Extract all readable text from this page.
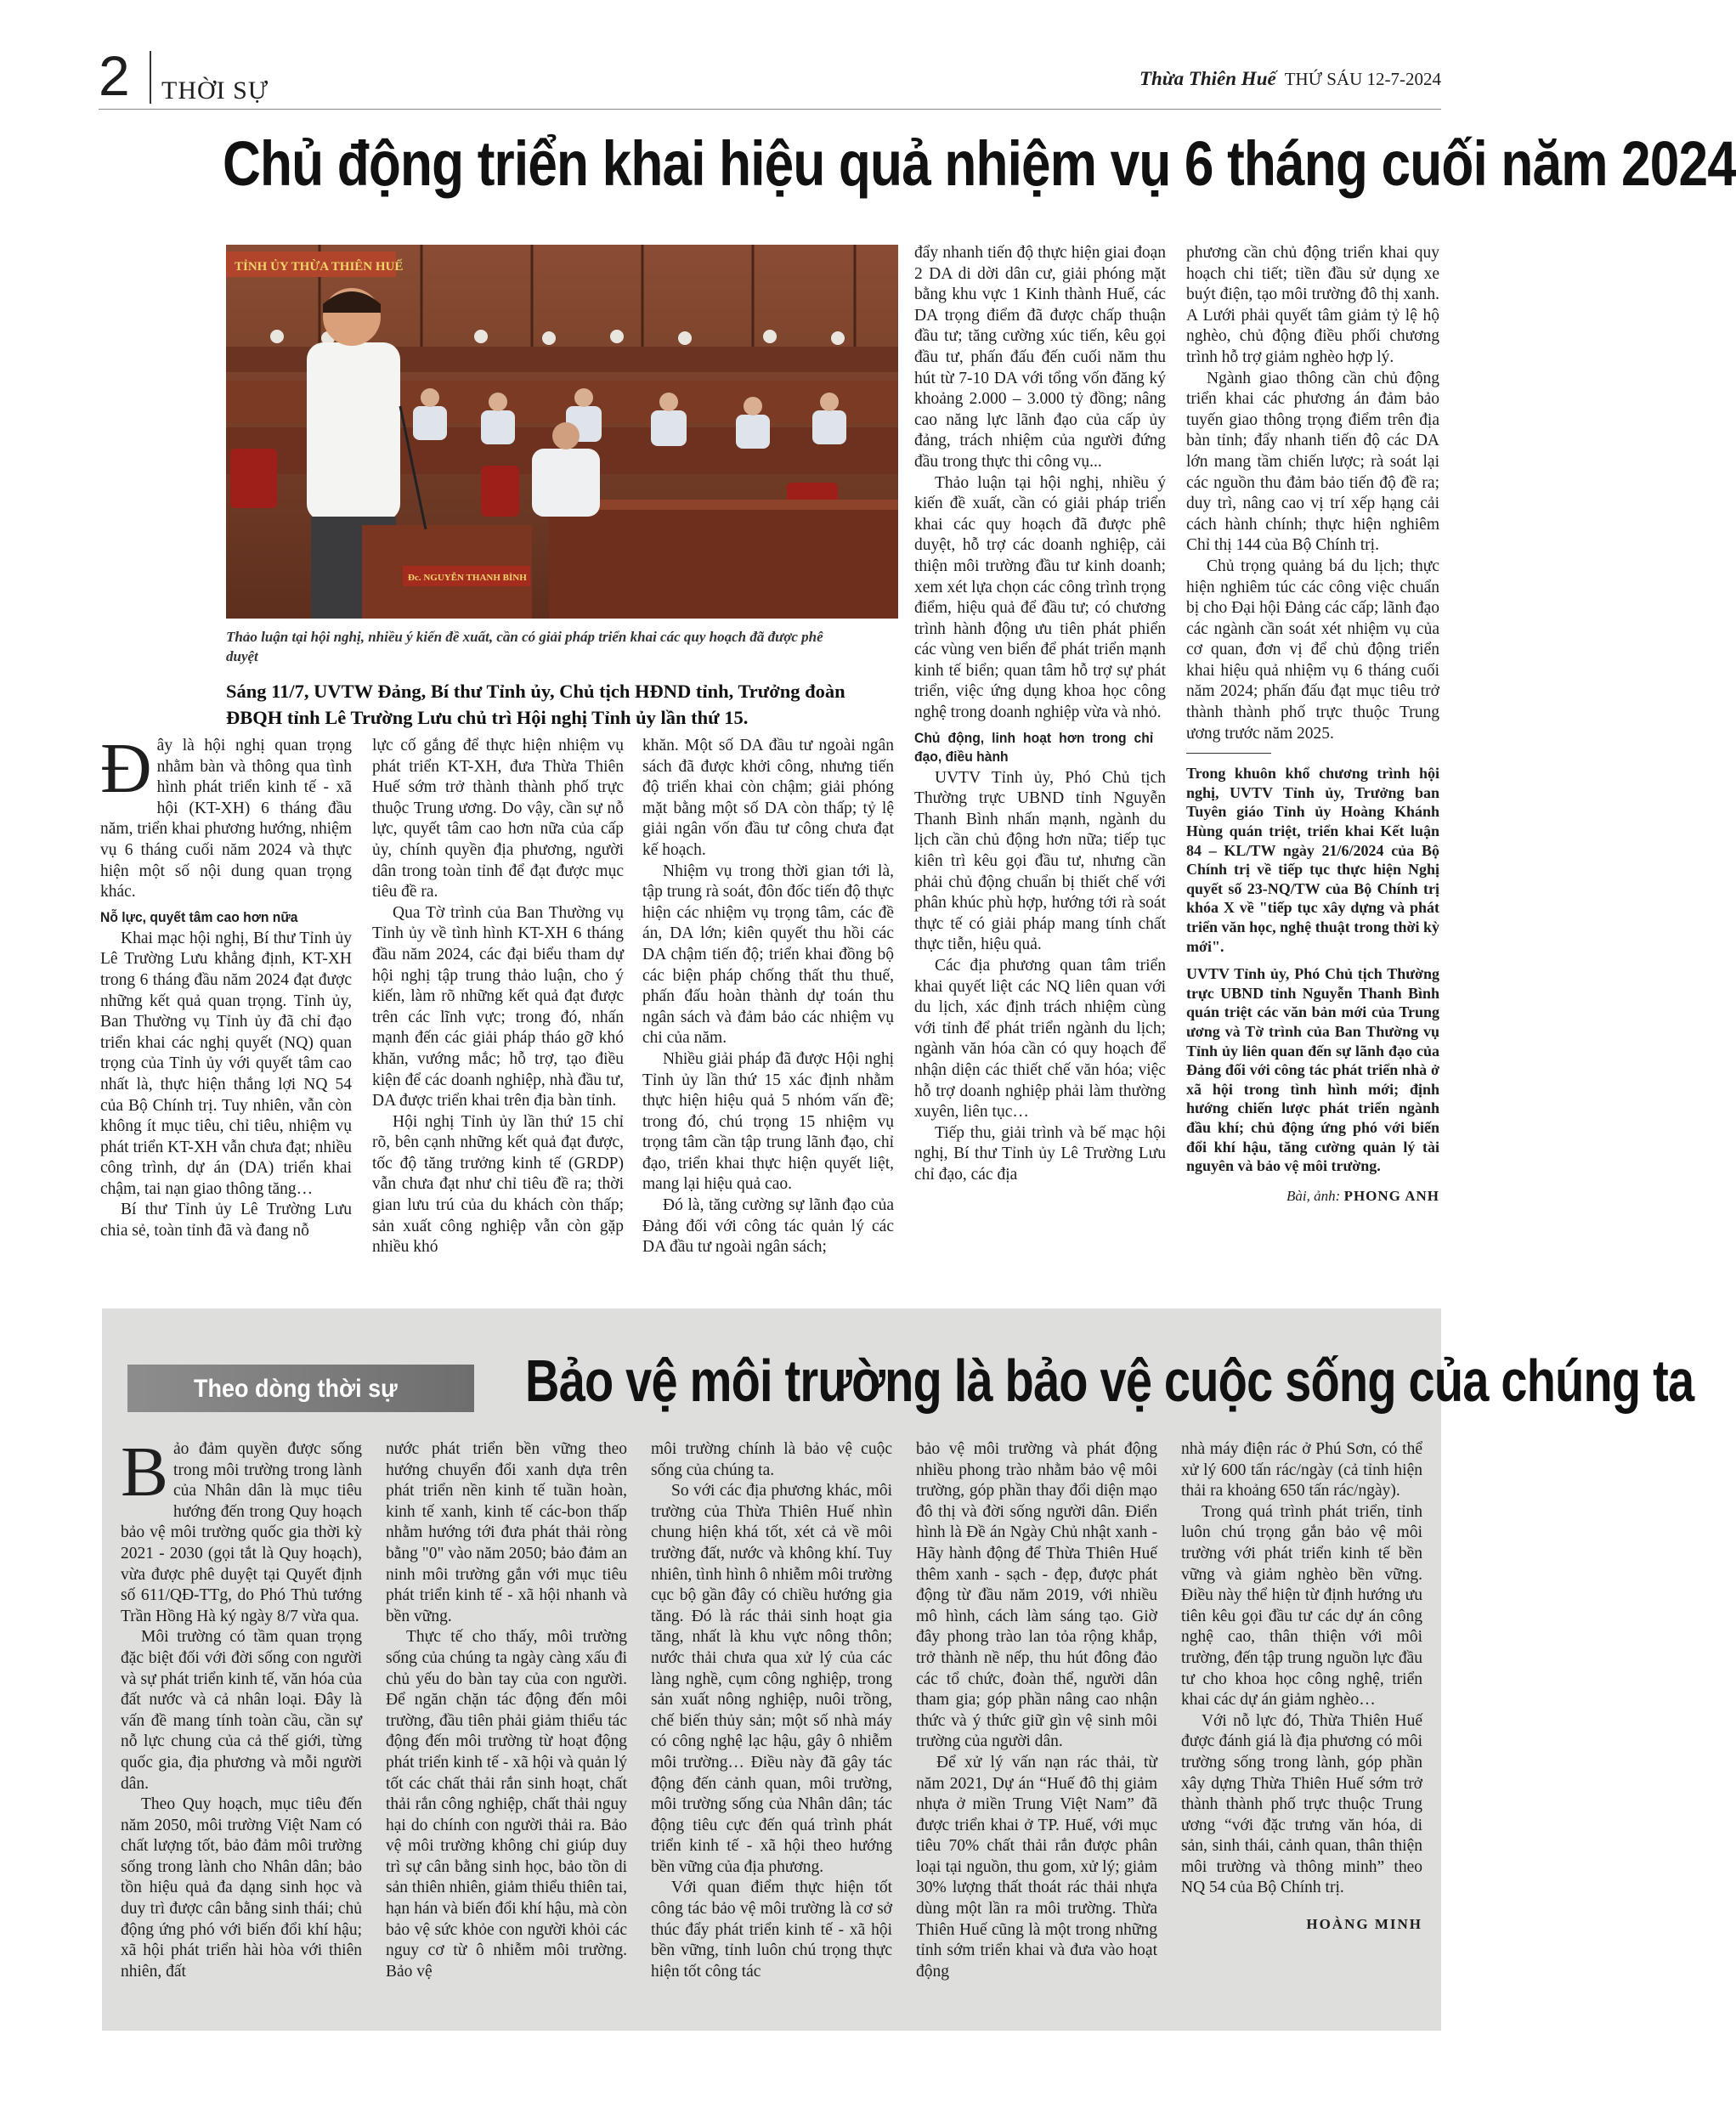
2 THỜI SỰ	Thừa Thiên Huế THỨ SÁU 12-7-2024
Chủ động triển khai hiệu quả nhiệm vụ 6 tháng cuối năm 2024
TỈNH ỦY THỪA THIÊN HUẾ
Đc. NGUYỄN THANH BÌNH
Thảo luận tại hội nghị, nhiều ý kiến đề xuất, cần có giải pháp triển khai các quy hoạch đã được phê duyệt
Sáng 11/7, UVTW Đảng, Bí thư Tỉnh ủy, Chủ tịch HĐND tỉnh, Trưởng đoàn ĐBQH tỉnh Lê Trường Lưu chủ trì Hội nghị Tỉnh ủy lần thứ 15.

Đây là hội nghị quan trọng nhằm bàn và thông qua tình hình phát triển kinh tế - xã hội (KT-XH) 6 tháng đầu năm, triển khai phương hướng, nhiệm vụ 6 tháng cuối năm 2024 và thực hiện một số nội dung quan trọng khác.

Nỗ lực, quyết tâm cao hơn nữa

Khai mạc hội nghị, Bí thư Tỉnh ủy Lê Trường Lưu khẳng định, KT-XH trong 6 tháng đầu năm 2024 đạt được những kết quả quan trọng. Tỉnh ủy, Ban Thường vụ Tỉnh ủy đã chỉ đạo triển khai các nghị quyết (NQ) quan trọng của Tỉnh ủy với quyết tâm cao nhất là, thực hiện thắng lợi NQ 54 của Bộ Chính trị. Tuy nhiên, vẫn còn không ít mục tiêu, chỉ tiêu, nhiệm vụ phát triển KT-XH vẫn chưa đạt; nhiều công trình, dự án (DA) triển khai chậm, tai nạn giao thông tăng…

Bí thư Tỉnh ủy Lê Trường Lưu chia sẻ, toàn tỉnh đã và đang nỗ

lực cố gắng để thực hiện nhiệm vụ phát triển KT-XH, đưa Thừa Thiên Huế sớm trở thành thành phố trực thuộc Trung ương. Do vậy, cần sự nỗ lực, quyết tâm cao hơn nữa của cấp ủy, chính quyền địa phương, người dân trong toàn tỉnh để đạt được mục tiêu đề ra.

Qua Tờ trình của Ban Thường vụ Tỉnh ủy về tình hình KT-XH 6 tháng đầu năm 2024, các đại biểu tham dự hội nghị tập trung thảo luận, cho ý kiến, làm rõ những kết quả đạt được trên các lĩnh vực; trong đó, nhấn mạnh đến các giải pháp tháo gỡ khó khăn, vướng mắc; hỗ trợ, tạo điều kiện để các doanh nghiệp, nhà đầu tư, DA được triển khai trên địa bàn tỉnh.

Hội nghị Tỉnh ủy lần thứ 15 chỉ rõ, bên cạnh những kết quả đạt được, tốc độ tăng trưởng kinh tế (GRDP) vẫn chưa đạt như chỉ tiêu đề ra; thời gian lưu trú của du khách còn thấp; sản xuất công nghiệp vẫn còn gặp nhiều khó

khăn. Một số DA đầu tư ngoài ngân sách đã được khởi công, nhưng tiến độ triển khai còn chậm; giải phóng mặt bằng một số DA còn thấp; tỷ lệ giải ngân vốn đầu tư công chưa đạt kế hoạch.

Nhiệm vụ trong thời gian tới là, tập trung rà soát, đôn đốc tiến độ thực hiện các nhiệm vụ trọng tâm, các đề án, DA lớn; kiên quyết thu hồi các DA chậm tiến độ; triển khai đồng bộ các biện pháp chống thất thu thuế, phấn đấu hoàn thành dự toán thu ngân sách và đảm bảo các nhiệm vụ chi của năm.

Nhiều giải pháp đã được Hội nghị Tỉnh ủy lần thứ 15 xác định nhằm thực hiện hiệu quả 5 nhóm vấn đề; trong đó, chú trọng 15 nhiệm vụ trọng tâm cần tập trung lãnh đạo, chỉ đạo, triển khai thực hiện quyết liệt, mang lại hiệu quả cao.

Đó là, tăng cường sự lãnh đạo của Đảng đối với công tác quản lý các DA đầu tư ngoài ngân sách;

đẩy nhanh tiến độ thực hiện giai đoạn 2 DA di dời dân cư, giải phóng mặt bằng khu vực 1 Kinh thành Huế, các DA trọng điểm đã được chấp thuận đầu tư; tăng cường xúc tiến, kêu gọi đầu tư, phấn đấu đến cuối năm thu hút từ 7-10 DA với tổng vốn đăng ký khoảng 2.000 – 3.000 tỷ đồng; nâng cao năng lực lãnh đạo của cấp ủy đảng, trách nhiệm của người đứng đầu trong thực thi công vụ...

Thảo luận tại hội nghị, nhiều ý kiến đề xuất, cần có giải pháp triển khai các quy hoạch đã được phê duyệt, hỗ trợ các doanh nghiệp, cải thiện môi trường đầu tư kinh doanh; xem xét lựa chọn các công trình trọng điểm, hiệu quả để đầu tư; có chương trình hành động ưu tiên phát phiển các vùng ven biển để phát triển mạnh kinh tế biển; quan tâm hỗ trợ sự phát triển, việc ứng dụng khoa học công nghệ trong doanh nghiệp vừa và nhỏ.

Chủ động, linh hoạt hơn trong chỉ đạo, điều hành

UVTV Tỉnh ủy, Phó Chủ tịch Thường trực UBND tỉnh Nguyễn Thanh Bình nhấn mạnh, ngành du lịch cần chủ động hơn nữa; tiếp tục kiên trì kêu gọi đầu tư, nhưng cần phải chủ động chuẩn bị thiết chế với phân khúc phù hợp, hướng tới rà soát thực tế có giải pháp mang tính chất thực tiễn, hiệu quả.

Các địa phương quan tâm triển khai quyết liệt các NQ liên quan với du lịch, xác định trách nhiệm cùng với tỉnh để phát triển ngành du lịch; ngành văn hóa cần có quy hoạch để nhận diện các thiết chế văn hóa; việc hỗ trợ doanh nghiệp phải làm thường xuyên, liên tục…

Tiếp thu, giải trình và bế mạc hội nghị, Bí thư Tỉnh ủy Lê Trường Lưu chỉ đạo, các địa

phương cần chủ động triển khai quy hoạch chi tiết; tiền đầu sử dụng xe buýt điện, tạo môi trường đô thị xanh. A Lưới phải quyết tâm giảm tỷ lệ hộ nghèo, chủ động điều phối chương trình hỗ trợ giảm nghèo hợp lý.

Ngành giao thông cần chủ động triển khai các phương án đảm bảo tuyến giao thông trọng điểm trên địa bàn tỉnh; đẩy nhanh tiến độ các DA lớn mang tầm chiến lược; rà soát lại các nguồn thu đảm bảo tiến độ đề ra; duy trì, nâng cao vị trí xếp hạng cải cách hành chính; thực hiện nghiêm Chỉ thị 144 của Bộ Chính trị.

Chủ trọng quảng bá du lịch; thực hiện nghiêm túc các công việc chuẩn bị cho Đại hội Đảng các cấp; lãnh đạo các ngành cần soát xét nhiệm vụ của cơ quan, đơn vị để chủ động triển khai hiệu quả nhiệm vụ 6 tháng cuối năm 2024; phấn đấu đạt mục tiêu trở thành thành phố trực thuộc Trung ương trước năm 2025.

Trong khuôn khổ chương trình hội nghị, UVTV Tỉnh ủy, Trưởng ban Tuyên giáo Tỉnh ủy Hoàng Khánh Hùng quán triệt, triển khai Kết luận 84 – KL/TW ngày 21/6/2024 của Bộ Chính trị về tiếp tục thực hiện Nghị quyết số 23-NQ/TW của Bộ Chính trị khóa X về "tiếp tục xây dựng và phát triển văn học, nghệ thuật trong thời kỳ mới".

UVTV Tỉnh ủy, Phó Chủ tịch Thường trực UBND tỉnh Nguyễn Thanh Bình quán triệt các văn bản mới của Trung ương và Tờ trình của Ban Thường vụ Tỉnh ủy liên quan đến sự lãnh đạo của Đảng đối với công tác phát triển nhà ở xã hội trong tình hình mới; định hướng chiến lược phát triển ngành đầu khí; chủ động ứng phó với biến đổi khí hậu, tăng cường quản lý tài nguyên và bảo vệ môi trường.

Bài, ảnh: PHONG ANH
Theo dòng thời sự Bảo vệ môi trường là bảo vệ cuộc sống của chúng ta

Bảo đảm quyền được sống trong môi trường trong lành của Nhân dân là mục tiêu hướng đến trong Quy hoạch bảo vệ môi trường quốc gia thời kỳ 2021 - 2030 (gọi tắt là Quy hoạch), vừa được phê duyệt tại Quyết định số 611/QĐ-TTg, do Phó Thủ tướng Trần Hồng Hà ký ngày 8/7 vừa qua.

Môi trường có tầm quan trọng đặc biệt đối với đời sống con người và sự phát triển kinh tế, văn hóa của đất nước và cả nhân loại. Đây là vấn đề mang tính toàn cầu, cần sự nỗ lực chung của cả thế giới, từng quốc gia, địa phương và mỗi người dân.

Theo Quy hoạch, mục tiêu đến năm 2050, môi trường Việt Nam có chất lượng tốt, bảo đảm môi trường sống trong lành cho Nhân dân; bảo tồn hiệu quả đa dạng sinh học và duy trì được cân bằng sinh thái; chủ động ứng phó với biến đổi khí hậu; xã hội phát triển hài hòa với thiên nhiên, đất

nước phát triển bền vững theo hướng chuyển đổi xanh dựa trên phát triển nền kinh tế tuần hoàn, kinh tế xanh, kinh tế các-bon thấp nhằm hướng tới đưa phát thải ròng bằng "0" vào năm 2050; bảo đảm an ninh môi trường gắn với mục tiêu phát triển kinh tế - xã hội nhanh và bền vững.

Thực tế cho thấy, môi trường sống của chúng ta ngày càng xấu đi chủ yếu do bàn tay của con người. Để ngăn chặn tác động đến môi trường, đầu tiên phải giảm thiểu tác động đến môi trường từ hoạt động phát triển kinh tế - xã hội và quản lý tốt các chất thải rắn sinh hoạt, chất thải rắn công nghiệp, chất thải nguy hại do chính con người thải ra. Bảo vệ môi trường không chỉ giúp duy trì sự cân bằng sinh học, bảo tồn di sản thiên nhiên, giảm thiểu thiên tai, hạn hán và biến đổi khí hậu, mà còn bảo vệ sức khỏe con người khỏi các nguy cơ từ ô nhiễm môi trường. Bảo vệ

môi trường chính là bảo vệ cuộc sống của chúng ta.

So với các địa phương khác, môi trường của Thừa Thiên Huế nhìn chung hiện khá tốt, xét cả về môi trường đất, nước và không khí. Tuy nhiên, tình hình ô nhiễm môi trường cục bộ gần đây có chiều hướng gia tăng. Đó là rác thải sinh hoạt gia tăng, nhất là khu vực nông thôn; nước thải chưa qua xử lý của các làng nghề, cụm công nghiệp, trong sản xuất nông nghiệp, nuôi trồng, chế biến thủy sản; một số nhà máy có công nghệ lạc hậu, gây ô nhiễm môi trường… Điều này đã gây tác động đến cảnh quan, môi trường, môi trường sống của Nhân dân; tác động tiêu cực đến quá trình phát triển kinh tế - xã hội theo hướng bền vững của địa phương.

Với quan điểm thực hiện tốt công tác bảo vệ môi trường là cơ sở thúc đẩy phát triển kinh tế - xã hội bền vững, tỉnh luôn chú trọng thực hiện tốt công tác

bảo vệ môi trường và phát động nhiều phong trào nhằm bảo vệ môi trường, góp phần thay đổi diện mạo đô thị và đời sống người dân. Điển hình là Đề án Ngày Chủ nhật xanh - Hãy hành động để Thừa Thiên Huế thêm xanh - sạch - đẹp, được phát động từ đầu năm 2019, với nhiều mô hình, cách làm sáng tạo. Giờ đây phong trào lan tỏa rộng khắp, trở thành nề nếp, thu hút đông đảo các tổ chức, đoàn thể, người dân tham gia; góp phần nâng cao nhận thức và ý thức giữ gìn vệ sinh môi trường của người dân.

Để xử lý vấn nạn rác thải, từ năm 2021, Dự án “Huế đô thị giảm nhựa ở miền Trung Việt Nam” đã được triển khai ở TP. Huế, với mục tiêu 70% chất thải rắn được phân loại tại nguồn, thu gom, xử lý; giảm 30% lượng thất thoát rác thải nhựa dùng một lần ra môi trường. Thừa Thiên Huế cũng là một trong những tỉnh sớm triển khai và đưa vào hoạt động

nhà máy điện rác ở Phú Sơn, có thể xử lý 600 tấn rác/ngày (cả tỉnh hiện thải ra khoảng 650 tấn rác/ngày).

Trong quá trình phát triển, tỉnh luôn chú trọng gắn bảo vệ môi trường với phát triển kinh tế bền vững và giảm nghèo bền vững. Điều này thể hiện từ định hướng ưu tiên kêu gọi đầu tư các dự án công nghệ cao, thân thiện với môi trường, đến tập trung nguồn lực đầu tư cho khoa học công nghệ, triển khai các dự án giảm nghèo…

Với nỗ lực đó, Thừa Thiên Huế được đánh giá là địa phương có môi trường sống trong lành, góp phần xây dựng Thừa Thiên Huế sớm trở thành thành phố trực thuộc Trung ương “với đặc trưng văn hóa, di sản, sinh thái, cảnh quan, thân thiện môi trường và thông minh” theo NQ 54 của Bộ Chính trị.

HOÀNG MINH
